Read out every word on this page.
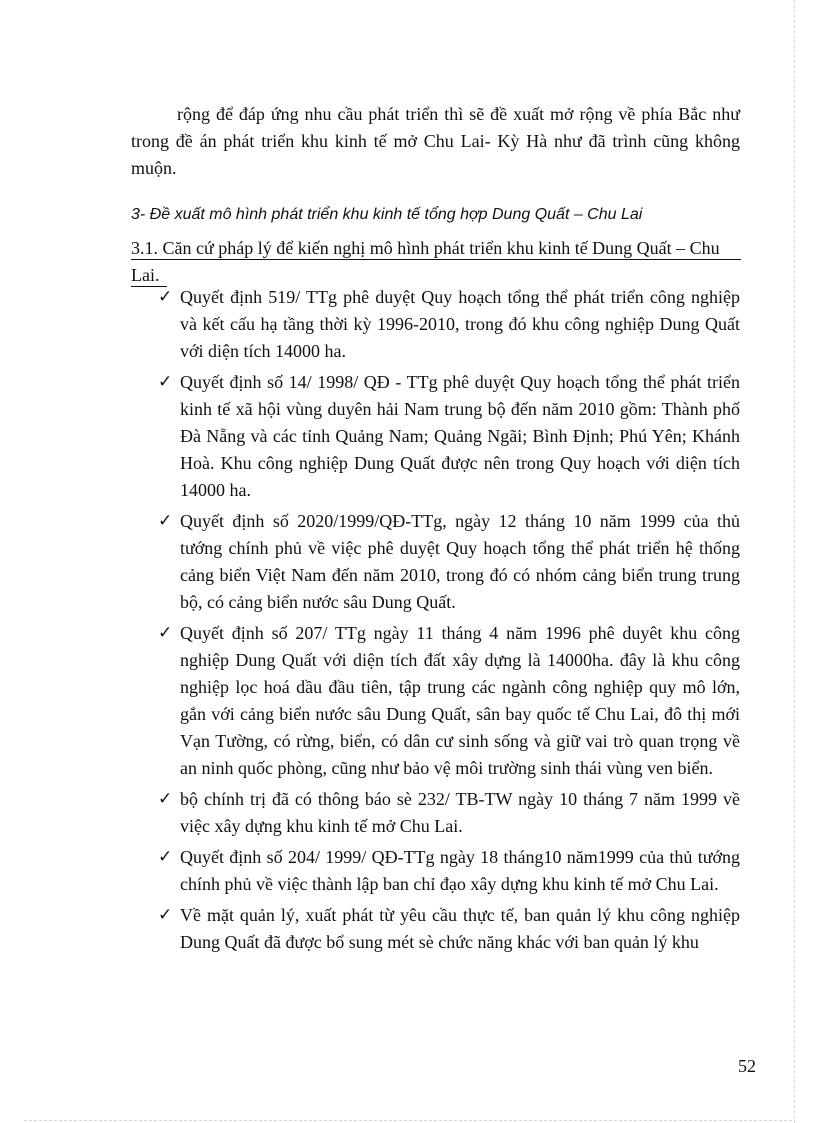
rộng để đáp ứng nhu cầu phát triển thì sẽ đề xuất mở rộng về phía Bắc như trong đề án phát triển khu kinh tế mở Chu Lai- Kỳ Hà như đã trình cũng không muộn.

3- Đề xuất mô hình phát triển khu kinh tế tổng hợp Dung Quất – Chu Lai

3.1. Căn cứ pháp lý để kiến nghị mô hình phát triển khu kinh tế Dung Quất – Chu Lai.

✓ Quyết định 519/ TTg phê duyệt Quy hoạch tổng thể phát triển công nghiệp và kết cấu hạ tầng thời kỳ 1996-2010, trong đó khu công nghiệp Dung Quất với diện tích 14000 ha.
✓ Quyết định số 14/ 1998/ QĐ - TTg phê duyệt Quy hoạch tổng thể phát triển kinh tế xã hội vùng duyên hải Nam trung bộ đến năm 2010 gồm: Thành phố Đà Nẵng và các tỉnh Quảng Nam; Quảng Ngãi; Bình Định; Phú Yên; Khánh Hoà. Khu công nghiệp Dung Quất được nên trong Quy hoạch với diện tích 14000 ha.
✓ Quyết định số 2020/1999/QĐ-TTg, ngày 12 tháng 10 năm 1999 của thủ tướng chính phủ về việc phê duyệt Quy hoạch tổng thể phát triển hệ thống cảng biển Việt Nam đến năm 2010, trong đó có nhóm cảng biển trung trung bộ, có cảng biển nước sâu Dung Quất.
✓ Quyết định số 207/ TTg ngày 11 tháng 4 năm 1996 phê duyêt khu công nghiệp Dung Quất với diện tích đất xây dựng là 14000ha. đây là khu công nghiệp lọc hoá dầu đầu tiên, tập trung các ngành công nghiệp quy mô lớn, gắn với cảng biển nước sâu Dung Quất, sân bay quốc tế Chu Lai, đô thị mới Vạn Tường, có rừng, biển, có dân cư sinh sống và giữ vai trò quan trọng về an ninh quốc phòng, cũng như bảo vệ môi trường sinh thái vùng ven biển.
✓ bộ chính trị đã có thông báo sè 232/ TB-TW ngày 10 tháng 7 năm 1999 về việc xây dựng khu kinh tế mở Chu Lai.
✓ Quyết định số 204/ 1999/ QĐ-TTg ngày 18 tháng10 năm1999 của thủ tướng chính phủ về việc thành lập ban chỉ đạo xây dựng khu kinh tế mở Chu Lai.
✓ Về mặt quản lý, xuất phát từ yêu cầu thực tế, ban quản lý khu công nghiệp Dung Quất đã được bổ sung mét sè chức năng khác với ban quản lý khu
52
